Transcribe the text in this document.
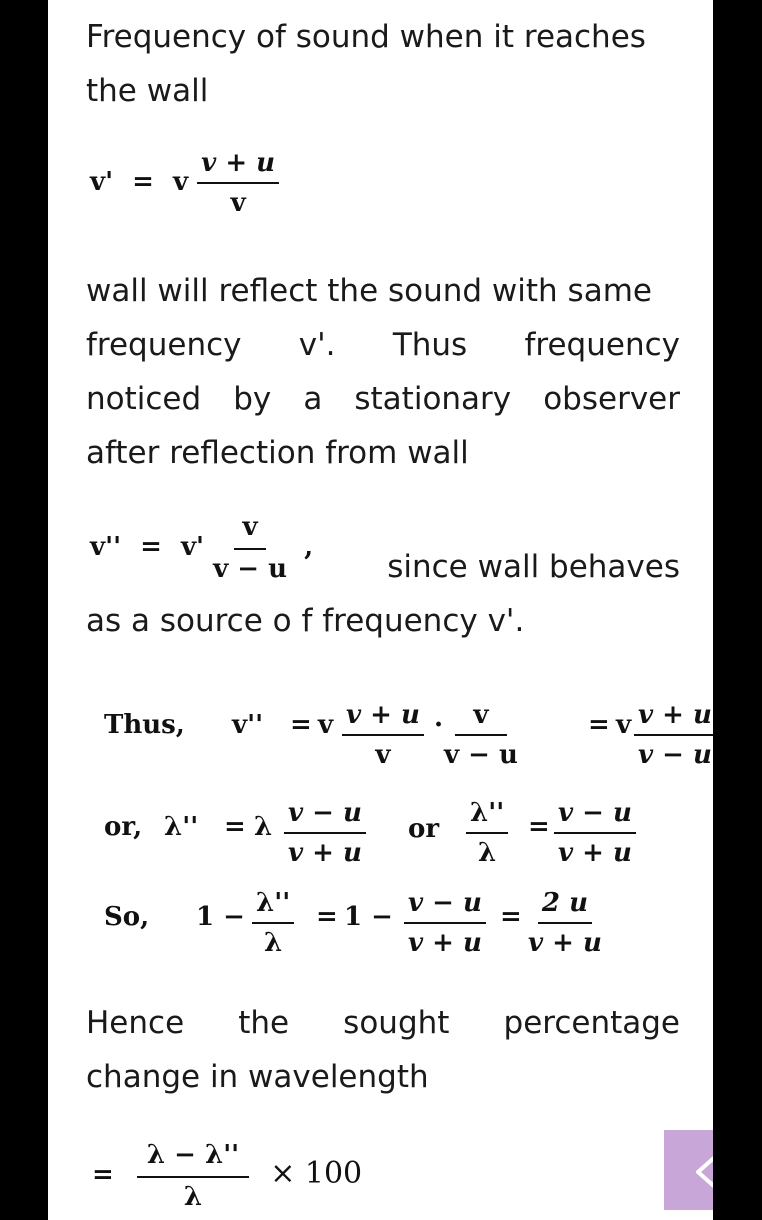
Frequency of sound when it reaches
the wall
v' = v $\frac{v + u}{v}$
wall will reflect the sound with same
frequency v'. Thus frequency
noticed by a stationary observer
after reflection from wall
$v'' = v' \frac{v}{v - u}$ ,
since wall behaves
as a source o f frequency v'.
Thus, v'' = v $\frac{v + u}{v} \cdot \frac{v}{v - u}$	= v $\frac{v + u}{v - u}$
or, λ'' = λ $\frac{v - u}{v + u}$ or $\frac{\lambda''}{\lambda} = \frac{v - u}{v + u}$
So, $1 - \frac{\lambda''}{\lambda} = 1 - \frac{v - u}{v + u} = \frac{2 u}{v + u}$
Hence the sought percentage
change in wavelength
= $\frac{\lambda - \lambda''}{\lambda} \times 100$
